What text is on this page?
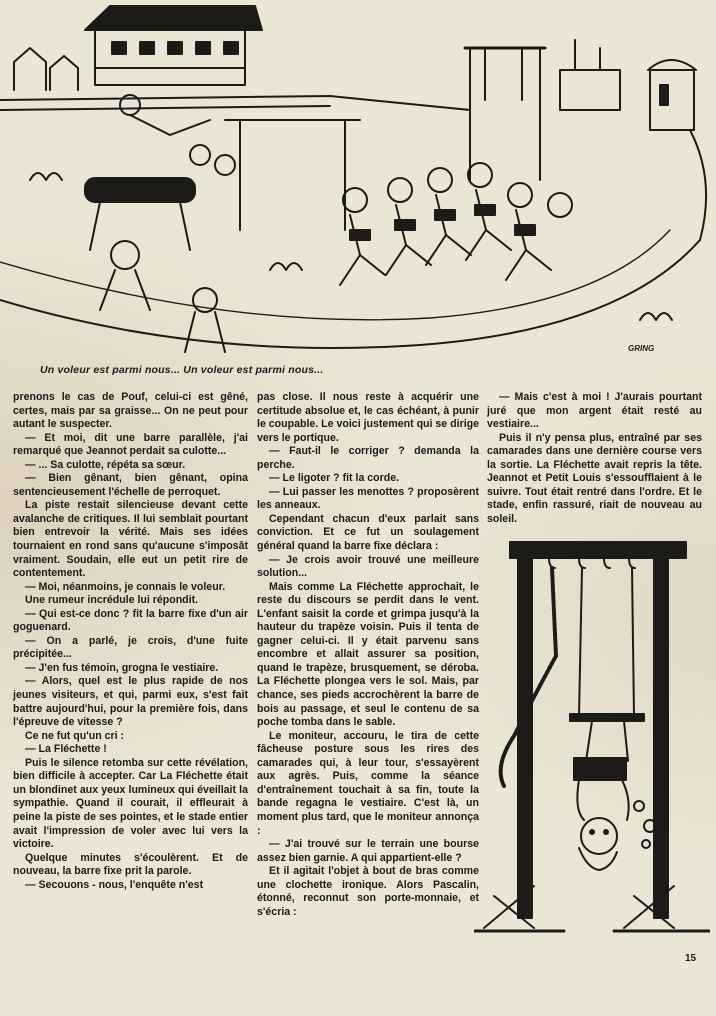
GRING
Un voleur est parmi nous... Un voleur est parmi nous...

prenons le cas de Pouf, celui-ci est gêné, certes, mais par sa graisse... On ne peut pour autant le suspecter.

— Et moi, dit une barre parallèle, j'ai remarqué que Jeannot perdait sa culotte...

— ... Sa culotte, répéta sa sœur.

— Bien gênant, bien gênant, opina sentencieusement l'échelle de perroquet.

La piste restait silencieuse devant cette avalanche de critiques. Il lui semblait pourtant bien entrevoir la vérité. Mais ses idées tournaient en rond sans qu'aucune s'imposât vraiment. Soudain, elle eut un petit rire de contentement.

— Moi, néanmoins, je connais le voleur.

Une rumeur incrédule lui répondit.

— Qui est-ce donc ? fit la barre fixe d'un air goguenard.

— On a parlé, je crois, d'une fuite précipitée...

— J'en fus témoin, grogna le vestiaire.

— Alors, quel est le plus rapide de nos jeunes visiteurs, et qui, parmi eux, s'est fait battre aujourd'hui, pour la première fois, dans l'épreuve de vitesse ?

Ce ne fut qu'un cri :

— La Fléchette !

Puis le silence retomba sur cette révélation, bien difficile à accepter. Car La Fléchette était un blondinet aux yeux lumineux qui éveillait la sympathie. Quand il courait, il effleurait à peine la piste de ses pointes, et le stade entier avait l'impression de voler avec lui vers la victoire.

Quelque minutes s'écoulèrent. Et de nouveau, la barre fixe prit la parole.

— Secouons - nous, l'enquête n'est

pas close. Il nous reste à acquérir une certitude absolue et, le cas échéant, à punir le coupable. Le voici justement qui se dirige vers le portique.

— Faut-il le corriger ? demanda la perche.

— Le ligoter ? fit la corde.

— Lui passer les menottes ? proposèrent les anneaux.

Cependant chacun d'eux parlait sans conviction. Et ce fut un soulagement général quand la barre fixe déclara :

— Je crois avoir trouvé une meilleure solution...

Mais comme La Fléchette approchait, le reste du discours se perdit dans le vent. L'enfant saisit la corde et grimpa jusqu'à la hauteur du trapèze voisin. Puis il tenta de gagner celui-ci. Il y était parvenu sans encombre et allait assurer sa position, quand le trapèze, brusquement, se déroba. La Fléchette plongea vers le sol. Mais, par chance, ses pieds accrochèrent la barre de bois au passage, et seul le contenu de sa poche tomba dans le sable.

Le moniteur, accouru, le tira de cette fâcheuse posture sous les rires des camarades qui, à leur tour, s'essayèrent aux agrès. Puis, comme la séance d'entraînement touchait à sa fin, toute la bande regagna le vestiaire. C'est là, un moment plus tard, que le moniteur annonça :

— J'ai trouvé sur le terrain une bourse assez bien garnie. A qui appartient-elle ?

Et il agitait l'objet à bout de bras comme une clochette ironique. Alors Pascalin, étonné, reconnut son porte-monnaie, et s'écria :

— Mais c'est à moi ! J'aurais pourtant juré que mon argent était resté au vestiaire...

Puis il n'y pensa plus, entraîné par ses camarades dans une dernière course vers la sortie. La Fléchette avait repris la tête. Jeannot et Petit Louis s'essoufflaient à le suivre. Tout était rentré dans l'ordre. Et le stade, enfin rassuré, riait de nouveau au soleil.

15
